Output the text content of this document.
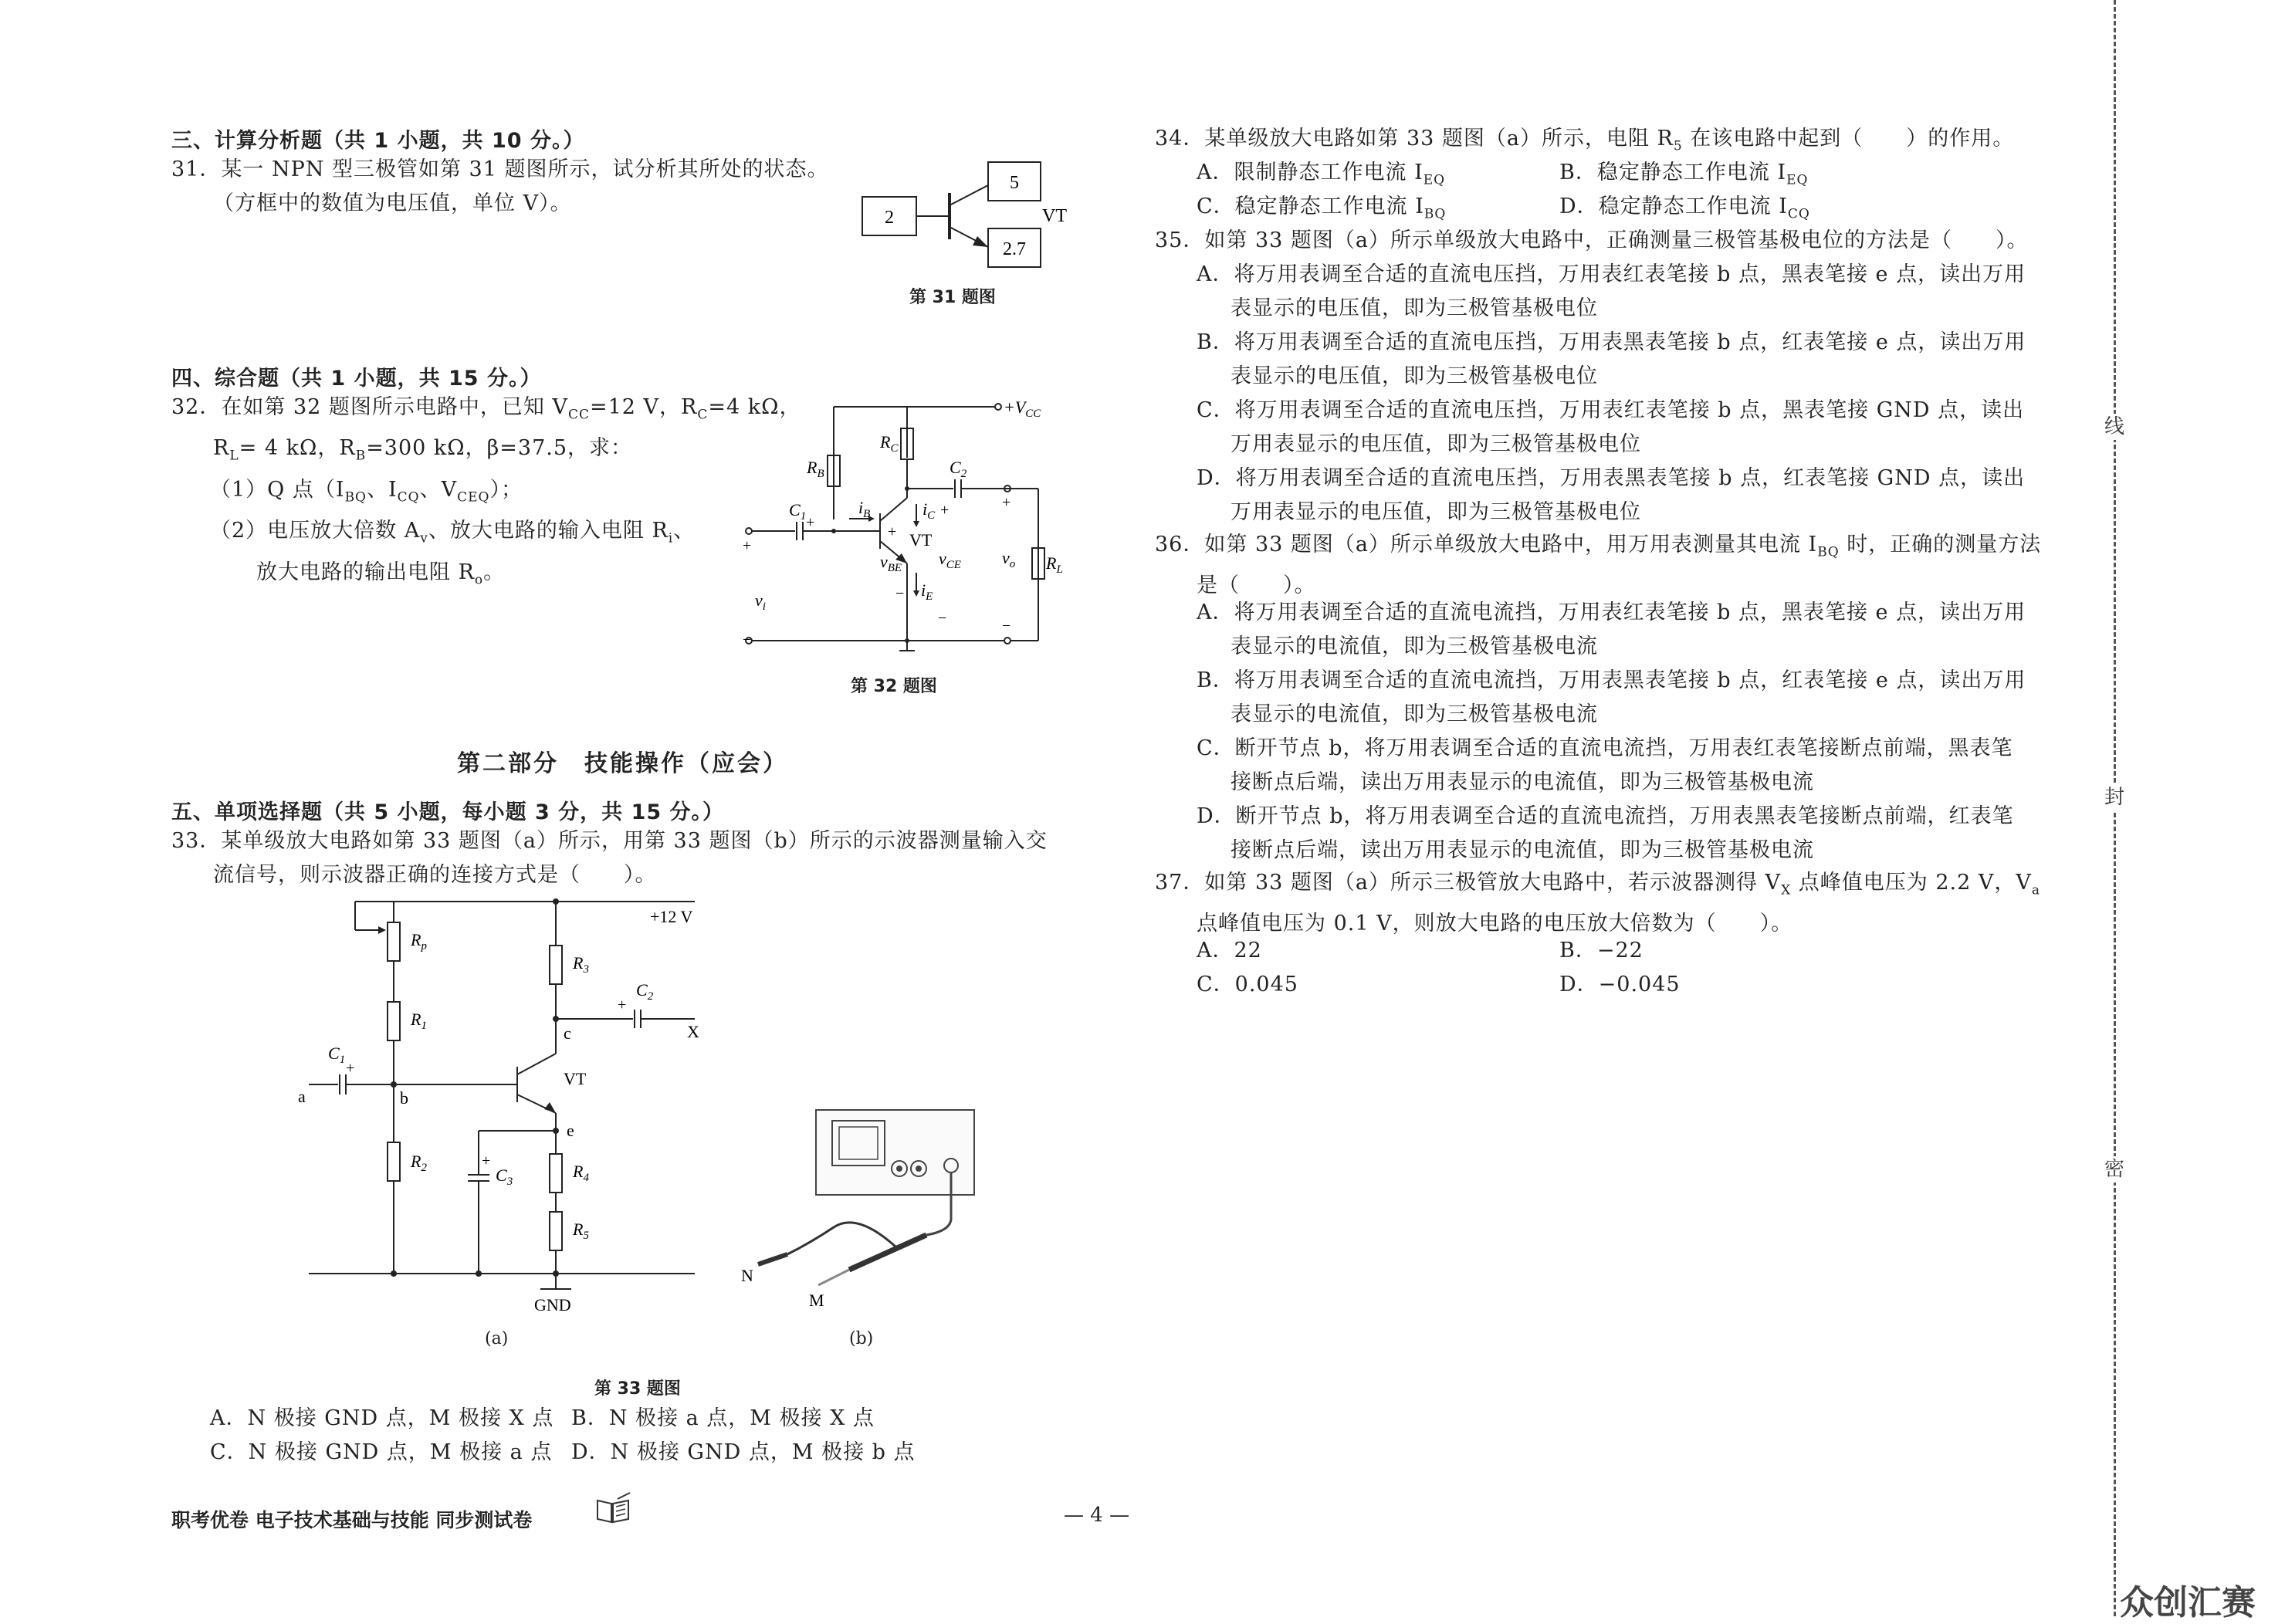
三、计算分析题（共 1 小题，共 10 分。）
31．某一 NPN 型三极管如第 31 题图所示，试分析其所处的状态。
（方框中的数值为电压值，单位 V）。
2
5
2.7
VT
第 31 题图
四、综合题（共 1 小题，共 15 分。）
32．在如第 32 题图所示电路中，已知 $V_{CC}=12$ V，$R_C=4$ kΩ，
$R_L= 4$ kΩ，$R_B=300$ kΩ，β=37.5，求：
（1）Q 点（$I_{BQ}$、$I_{CQ}$、$V_{CEQ}$）；
（2）电压放大倍数 $A_v$、放大电路的输入电阻 $R_i$、
放大电路的输出电阻 $R_o$。
$+V_{CC}$
$R_B$
$R_C$
$C_2$
$C_1$ +
+
+
+
−
−
−
+
−
VT
$i_B$	$i_C$
$i_E$
$v_{BE}$ $v_{CE}$
$v_i$
$v_o$ $R_L$
第 32 题图
第二部分　技能操作（应会）
五、单项选择题（共 5 小题，每小题 3 分，共 15 分。）
33．某单级放大电路如第 33 题图（a）所示，用第 33 题图（b）所示的示波器测量输入交
流信号，则示波器正确的连接方式是（　　）。
+12 V
$R_p$
$R_1$
$R_2$
$R_3$
$R_4$
$R_5$
$C_1$
$C_2$
$C_3$
+
+
+
a	b
c
e
X
VT
GND
N
M
(a)	(b)
第 33 题图
A．N 极接 GND 点，M 极接 X 点 B．N 极接 a 点，M 极接 X 点
C．N 极接 GND 点，M 极接 a 点 D．N 极接 GND 点，M 极接 b 点
34．某单级放大电路如第 33 题图（a）所示，电阻 $R_5$ 在该电路中起到（　　）的作用。
A．限制静态工作电流 $I_{EQ}$	B．稳定静态工作电流 $I_{EQ}$
C．稳定静态工作电流 $I_{BQ}$	D．稳定静态工作电流 $I_{CQ}$
35．如第 33 题图（a）所示单级放大电路中，正确测量三极管基极电位的方法是（　　）。
A．将万用表调至合适的直流电压挡，万用表红表笔接 b 点，黑表笔接 e 点，读出万用
表显示的电压值，即为三极管基极电位
B．将万用表调至合适的直流电压挡，万用表黑表笔接 b 点，红表笔接 e 点，读出万用
表显示的电压值，即为三极管基极电位
C．将万用表调至合适的直流电压挡，万用表红表笔接 b 点，黑表笔接 GND 点，读出
万用表显示的电压值，即为三极管基极电位
D．将万用表调至合适的直流电压挡，万用表黑表笔接 b 点，红表笔接 GND 点，读出
万用表显示的电压值，即为三极管基极电位
36．如第 33 题图（a）所示单级放大电路中，用万用表测量其电流 $I_{BQ}$ 时，正确的测量方法
是（　　）。
A．将万用表调至合适的直流电流挡，万用表红表笔接 b 点，黑表笔接 e 点，读出万用
表显示的电流值，即为三极管基极电流
B．将万用表调至合适的直流电流挡，万用表黑表笔接 b 点，红表笔接 e 点，读出万用
表显示的电流值，即为三极管基极电流
C．断开节点 b，将万用表调至合适的直流电流挡，万用表红表笔接断点前端，黑表笔
接断点后端，读出万用表显示的电流值，即为三极管基极电流
D．断开节点 b，将万用表调至合适的直流电流挡，万用表黑表笔接断点前端，红表笔
接断点后端，读出万用表显示的电流值，即为三极管基极电流
37．如第 33 题图（a）所示三极管放大电路中，若示波器测得 $V_X$ 点峰值电压为 2.2 V，$V_a$
点峰值电压为 0.1 V，则放大电路的电压放大倍数为（　　）。
A．22	B．−22
C．0.045	D．−0.045
线
封
密
职考优卷 电子技术基础与技能 同步测试卷	— 4 —
众创汇赛
